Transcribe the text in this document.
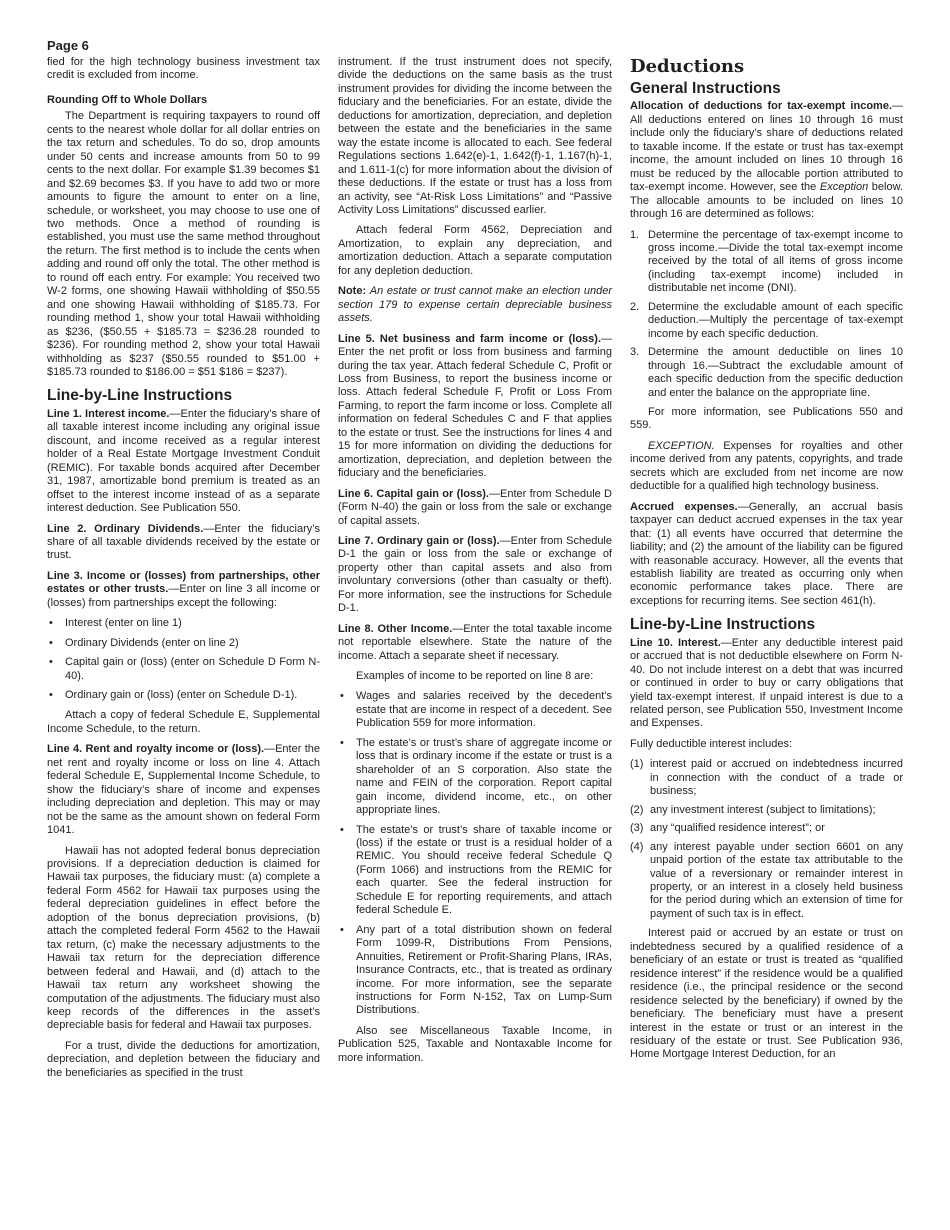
Page 6

fied for the high technology business investment tax credit is excluded from income.

Rounding Off to Whole Dollars

The Department is requiring taxpayers to round off cents to the nearest whole dollar for all dollar entries on the tax return and schedules. To do so, drop amounts under 50 cents and increase amounts from 50 to 99 cents to the next dollar. For example $1.39 becomes $1 and $2.69 becomes $3. If you have to add two or more amounts to figure the amount to enter on a line, schedule, or worksheet, you may choose to use one of two methods. Once a method of rounding is established, you must use the same method throughout the return. The first method is to include the cents when adding and round off only the total. The other method is to round off each entry. For example: You received two W-2 forms, one showing Hawaii withholding of $50.55 and one showing Hawaii withholding of $185.73. For rounding method 1, show your total Hawaii withholding as $236, ($50.55 + $185.73 = $236.28 rounded to $236). For rounding method 2, show your total Hawaii withholding as $237 ($50.55 rounded to $51.00 + $185.73 rounded to $186.00 = $51 $186 = $237).

Line-by-Line Instructions

Line 1. Interest income.—Enter the fiduciary’s share of all taxable interest income including any original issue discount, and income received as a regular interest holder of a Real Estate Mortgage Investment Conduit (REMIC). For taxable bonds acquired after December 31, 1987, amortizable bond premium is treated as an offset to the interest income instead of as a separate interest deduction. See Publication 550.

Line 2. Ordinary Dividends.—Enter the fiduciary’s share of all taxable dividends received by the estate or trust.

Line 3. Income or (losses) from partnerships, other estates or other trusts.—Enter on line 3 all income or (losses) from partnerships except the following:

• Interest (enter on line 1)
• Ordinary Dividends (enter on line 2)
• Capital gain or (loss) (enter on Schedule D Form N-40).
• Ordinary gain or (loss) (enter on Schedule D-1).

Attach a copy of federal Schedule E, Supplemental Income Schedule, to the return.

Line 4. Rent and royalty income or (loss).—Enter the net rent and royalty income or loss on line 4. Attach federal Schedule E, Supplemental Income Schedule, to show the fiduciary’s share of income and expenses including depreciation and depletion. This may or may not be the same as the amount shown on federal Form 1041.

Hawaii has not adopted federal bonus depreciation provisions. If a depreciation deduction is claimed for Hawaii tax purposes, the fiduciary must: (a) complete a federal Form 4562 for Hawaii tax purposes using the federal depreciation guidelines in effect before the adoption of the bonus depreciation provisions, (b) attach the completed federal Form 4562 to the Hawaii tax return, (c) make the necessary adjustments to the Hawaii tax return for the depreciation difference between federal and Hawaii, and (d) attach to the Hawaii tax return any worksheet showing the computation of the adjustments. The fiduciary must also keep records of the differences in the asset’s depreciable basis for federal and Hawaii tax purposes.

For a trust, divide the deductions for amortization, depreciation, and depletion between the fiduciary and the beneficiaries as specified in the trust

instrument. If the trust instrument does not specify, divide the deductions on the same basis as the trust instrument provides for dividing the income between the fiduciary and the beneficiaries. For an estate, divide the deductions for amortization, depreciation, and depletion between the estate and the beneficiaries in the same way the estate income is allocated to each. See federal Regulations sections 1.642(e)-1, 1.642(f)-1, 1.167(h)-1, and 1.611-1(c) for more information about the division of these deductions. If the estate or trust has a loss from an activity, see “At-Risk Loss Limitations” and “Passive Activity Loss Limitations” discussed earlier.

Attach federal Form 4562, Depreciation and Amortization, to explain any depreciation, and amortization deduction. Attach a separate computation for any depletion deduction.

Note: An estate or trust cannot make an election under section 179 to expense certain depreciable business assets.

Line 5. Net business and farm income or (loss).—Enter the net profit or loss from business and farming during the tax year. Attach federal Schedule C, Profit or Loss from Business, to report the business income or loss. Attach federal Schedule F, Profit or Loss From Farming, to report the farm income or loss. Complete all information on federal Schedules C and F that applies to the estate or trust. See the instructions for lines 4 and 15 for more information on dividing the deductions for amortization, depreciation, and depletion between the fiduciary and the beneficiaries.

Line 6. Capital gain or (loss).—Enter from Schedule D (Form N-40) the gain or loss from the sale or exchange of capital assets.

Line 7. Ordinary gain or (loss).—Enter from Schedule D-1 the gain or loss from the sale or exchange of property other than capital assets and also from involuntary conversions (other than casualty or theft). For more information, see the instructions for Schedule D-1.

Line 8. Other Income.—Enter the total taxable income not reportable elsewhere. State the nature of the income. Attach a separate sheet if necessary.

Examples of income to be reported on line 8 are:

• Wages and salaries received by the decedent’s estate that are income in respect of a decedent. See Publication 559 for more information.
• The estate’s or trust’s share of aggregate income or loss that is ordinary income if the estate or trust is a shareholder of an S corporation. Also state the name and FEIN of the corporation. Report capital gain income, dividend income, etc., on other appropriate lines.
• The estate’s or trust’s share of taxable income or (loss) if the estate or trust is a residual holder of a REMIC. You should receive federal Schedule Q (Form 1066) and instructions from the REMIC for each quarter. See the federal instruction for Schedule E for reporting requirements, and attach federal Schedule E.
• Any part of a total distribution shown on federal Form 1099-R, Distributions From Pensions, Annuities, Retirement or Profit-Sharing Plans, IRAs, Insurance Contracts, etc., that is treated as ordinary income. For more information, see the separate instructions for Form N-152, Tax on Lump-Sum Distributions.

Also see Miscellaneous Taxable Income, in Publication 525, Taxable and Nontaxable Income for more information.

Deductions
General Instructions

Allocation of deductions for tax-exempt income.—All deductions entered on lines 10 through 16 must include only the fiduciary’s share of deductions related to taxable income. If the estate or trust has tax-exempt income, the amount included on lines 10 through 16 must be reduced by the allocable portion attributed to tax-exempt income. However, see the Exception below. The allocable amounts to be included on lines 10 through 16 are determined as follows:

1. Determine the percentage of tax-exempt income to gross income.—Divide the total tax-exempt income received by the total of all items of gross income (including tax-exempt income) included in distributable net income (DNI).
2. Determine the excludable amount of each specific deduction.—Multiply the percentage of tax-exempt income by each specific deduction.
3. Determine the amount deductible on lines 10 through 16.—Subtract the excludable amount of each specific deduction from the specific deduction and enter the balance on the appropriate line.

For more information, see Publications 550 and 559.

EXCEPTION. Expenses for royalties and other income derived from any patents, copyrights, and trade secrets which are excluded from net income are now deductible for a qualified high technology business.

Accrued expenses.—Generally, an accrual basis taxpayer can deduct accrued expenses in the tax year that: (1) all events have occurred that determine the liability; and (2) the amount of the liability can be figured with reasonable accuracy. However, all the events that establish liability are treated as occurring only when economic performance takes place. There are exceptions for recurring items. See section 461(h).

Line-by-Line Instructions

Line 10. Interest.—Enter any deductible interest paid or accrued that is not deductible elsewhere on Form N-40. Do not include interest on a debt that was incurred or continued in order to buy or carry obligations that yield tax-exempt interest. If unpaid interest is due to a related person, see Publication 550, Investment Income and Expenses.

Fully deductible interest includes:

(1) interest paid or accrued on indebtedness incurred in connection with the conduct of a trade or business;
(2) any investment interest (subject to limitations);
(3) any “qualified residence interest”; or
(4) any interest payable under section 6601 on any unpaid portion of the estate tax attributable to the value of a reversionary or remainder interest in property, or an interest in a closely held business for the period during which an extension of time for payment of such tax is in effect.

Interest paid or accrued by an estate or trust on indebtedness secured by a qualified residence of a beneficiary of an estate or trust is treated as “qualified residence interest” if the residence would be a qualified residence (i.e., the principal residence or the second residence selected by the beneficiary) if owned by the beneficiary. The beneficiary must have a present interest in the estate or trust or an interest in the residuary of the estate or trust. See Publication 936, Home Mortgage Interest Deduction, for an
